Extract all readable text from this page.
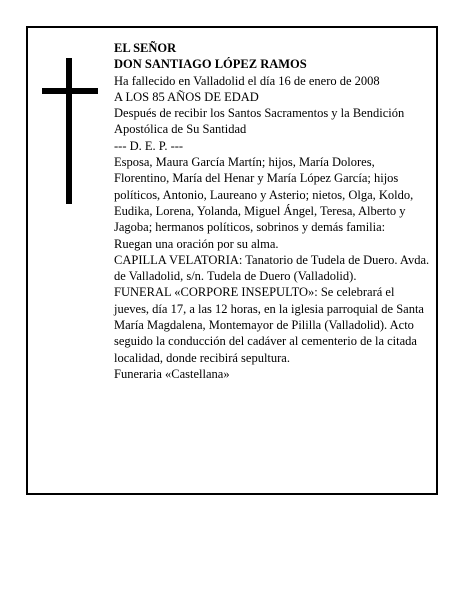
EL SEÑOR

DON SANTIAGO LÓPEZ RAMOS

Ha fallecido en Valladolid el día 16 de enero de 2008

A LOS 85 AÑOS DE EDAD

Después de recibir los Santos Sacramentos y la Bendición Apostólica de Su Santidad

--- D. E. P. ---

Esposa, Maura García Martín; hijos, María Dolores, Florentino, María del Henar y María López García; hijos políticos, Antonio, Laureano y Asterio; nietos, Olga, Koldo, Eudika, Lorena, Yolanda, Miguel Ángel, Teresa, Alberto y Jagoba; hermanos políticos, sobrinos y demás familia:

Ruegan una oración por su alma.

CAPILLA VELATORIA: Tanatorio de Tudela de Duero. Avda. de Valladolid, s/n. Tudela de Duero (Valladolid).

FUNERAL «CORPORE INSEPULTO»: Se celebrará el jueves, día 17, a las 12 horas, en la iglesia parroquial de Santa María Magdalena, Montemayor de Pililla (Valladolid). Acto seguido la conducción del cadáver al cementerio de la citada localidad, donde recibirá sepultura.

Funeraria «Castellana»
